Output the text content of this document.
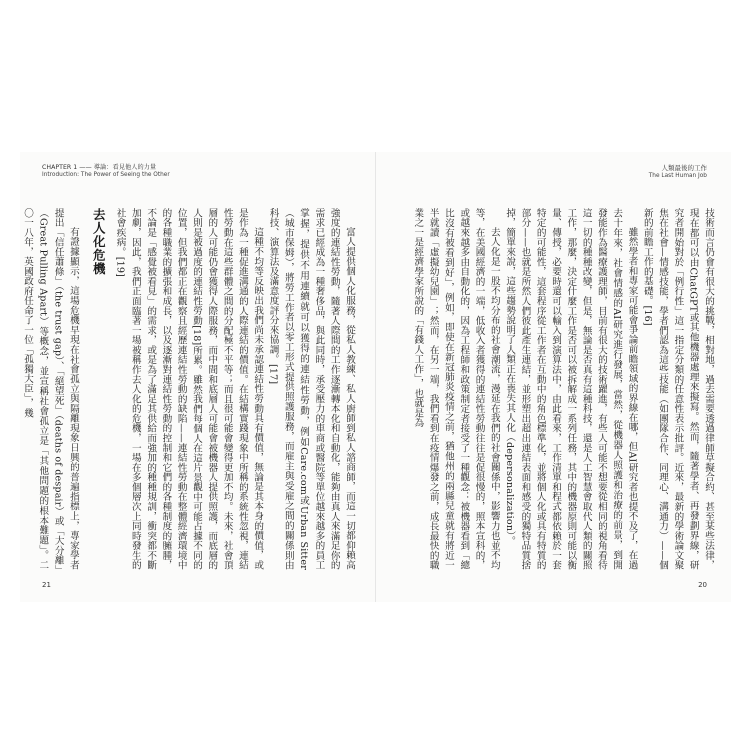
CHAPTER 1 —— 導論：看見他人的力量
Introduction: The Power of Seeing the Other

富人提供個人化服務，從私人教練、私人廚師到私人諮商師，而這一切都仰賴高強度的連結性勞動，隨著人際間的工作逐漸轉本化和自動化，能夠由真人來滿足你的需求已經成為一種奢侈品，與此同時，承受壓力的車商或醫院等單位越來越多的員工掌握，提供不用連續就可以獲得的連結性勞動，例如Care.com或Urban Sitter（城市保姆），將勞工作者以零工形式提供照護服務，而雇主與受雇之間的關係則由科技、演算法及滿意度評分來協調。[17]

這種不均等反映出我們尚未承認連結性勞動具有價值，無論是其本身的價值，或是作為一種促進溝通的人際連結的價值。在結構實踐現象中所稱的系統性忽視，連結性勞動在這些群體之間的分配極不平等；而且很可能會變得更加不均。未來，社會頂層的人可能仍會獲得人際服務，而中間和底層人可能會被機器人提供照護，而底層的人則是被過度的連結性勞動[18]所累。雖然我們每個人在這片景觀中可能占據不同的位置，但我們都正在觀察且經歷連結性勞動的缺陷——連結性勞動在整體經濟環境中的各種職業的擴張和成長，以及逐漸對連結性勞動的控制和它們的各種制度的臃腫，不論是「感覺被看見」的需求，或是為了滿足其供給而強加的種種規訓，衝突都不斷加劇，因此，我們正面臨著一場被稱作去人化的危機，一場在多個層次上同時發生的社會疾病。[19]

去人化危機

有證據顯示，這場危機早現在社會孤立與隔離現象日興的普遍指標上，專家學者提出「信任蕭條」（the trust gap）、「絕望死」（deaths of despair）或「大分離」（Great Pulling Apart）等概念，並宣稱社會孤立是「其他問題的根本難題」。二〇一八年，英國政府任命了一位「孤獨大臣」，幾

21
人類最後的工作
The Last Human Job

技術而言仍會有很大的挑戰，相對地，過去需要透過律師草擬合約、甚至某些法律，現在都可以由ChatGPT或其他機器處理來擬寫。然而，隨著學者、再發劃界線，研究者開始對於「例行性」這一指定分類的任意性表示批評。近來，最新的學術論文聚焦在社會—情感技能，學者們認為這些技能（如團隊合作、同理心、溝通力）——個新的前瞻工作的基礎。[16]

雖然學者和專家可能會爭論前瞻領域的界線在哪，但AI研究者也提不及了，在過去十年來，社會情感的AI研究進行發展，當然，從機器人照護和治療的前景，到開發能作為醫療護理師，目前有很大的技術躍進，有些人可能不想要從相同的視角看待這一切的種種改變，但是，無論是否真有這種科技，還是人工智慧會取代人類的關照工作，那麼，決定什麼工作是否可以被拆解成一系列任務，其中的機器原則可能以衡量、傳授，必要時還可以輸入到演算法中，由此看來，工作清單和程式都依賴於一套特定的可能性，這套程序從工作者在互動中的角色標準化，並將個人化或具有特質的部分——也就是所然人們彼此產生連結，並形塑出超出連結表面和感受的獨特品質捨掉，簡單來說，這些趨勢說明了人類正在喪失其人化（depersonalization）。

去人化是一股不均分布的社會潮流，漫延在我們的社會關係中，影響力也並不均等，在美國經濟的一端，低收入者獲得的連結性勞動往往是促很慢的，照本宣科的，或越來越多由自動化的，因為工程師和政策制定者接受了一種觀念：被機器看到「總比沒有被看到好」，例如，即使在新冠肺炎疫情之前，猶他州的兩縣兒童就有將近一半就讀「虛擬幼兒園」；然而，在另一端，我們看到在疫情爆發之前，成長最快的職業之一是經濟學家所說的「有錢人工作」，也就是為

20
